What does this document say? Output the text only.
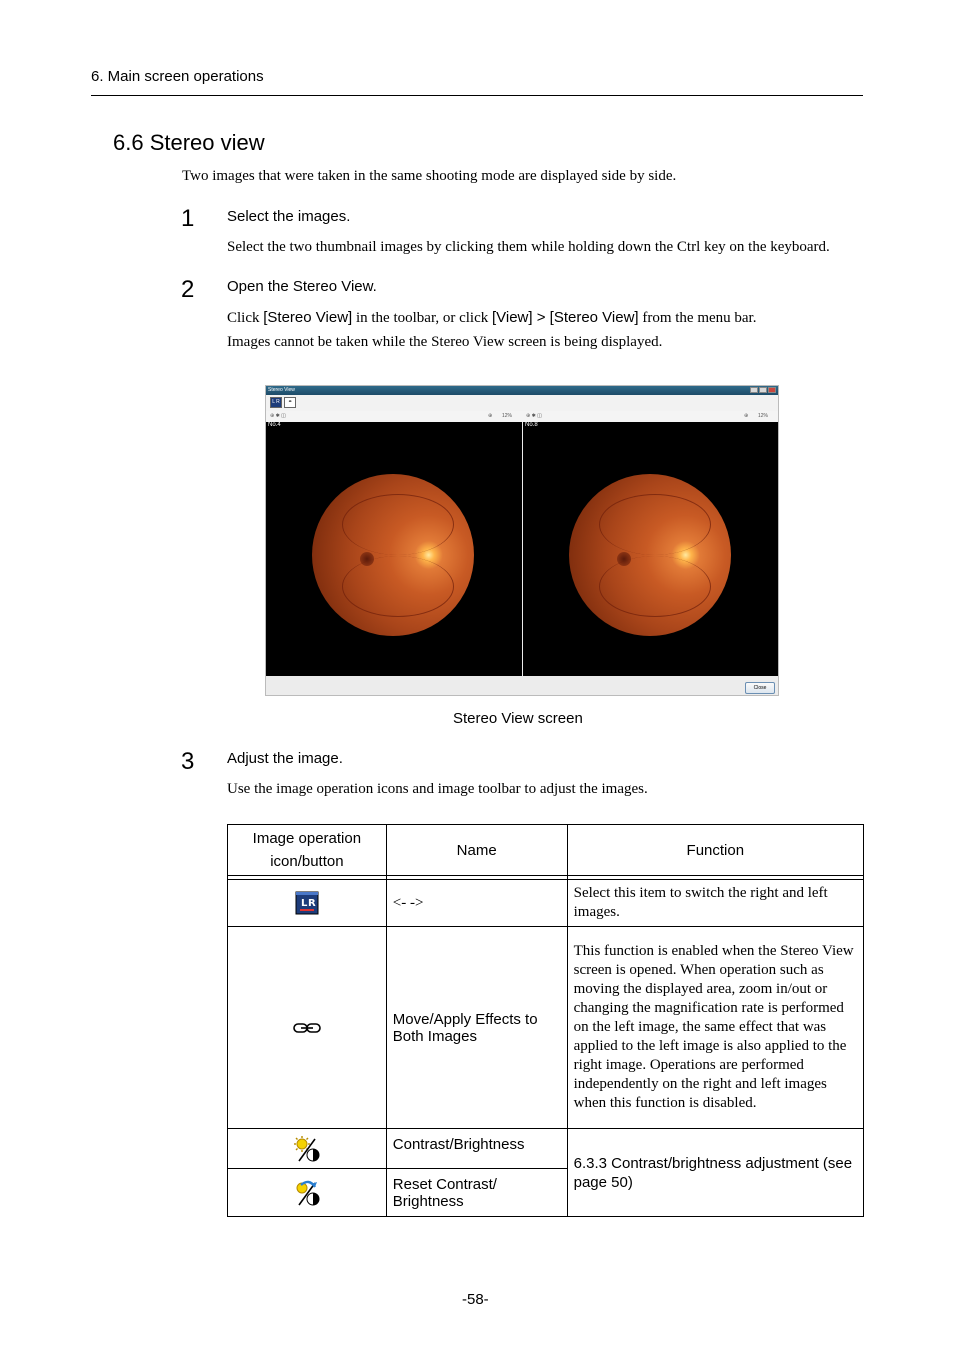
6. Main screen operations
6.6 Stereo view
Two images that were taken in the same shooting mode are displayed side by side.
1 Select the images.
Select the two thumbnail images by clicking them while holding down the Ctrl key on the keyboard.
2 Open the Stereo View.
Click [Stereo View] in the toolbar, or click [View] > [Stereo View] from the menu bar.
Images cannot be taken while the Stereo View screen is being displayed.
Stereo View
L R	⚭
⊕ ✱ ◫	⊕ 12%	⊕ ✱ ◫	⊕ 12%
No.4	No.8
Close
Stereo View screen
3 Adjust the image.
Use the image operation icons and image toolbar to adjust the images.
Image operation icon/button	Name	Function

L R	<- ->	Select this item to switch the right and left images.
	Move/Apply Effects to Both Images	This function is enabled when the Stereo View screen is opened. When operation such as moving the displayed area, zoom in/out or changing the magnification rate is performed on the left image, the same effect that was applied to the left image is also applied to the right image. Operations are performed independently on the right and left images when this function is disabled.
	Contrast/Brightness	6.3.3 Contrast/brightness adjustment (see page 50)
	Reset Contrast/ Brightness	
-58-
